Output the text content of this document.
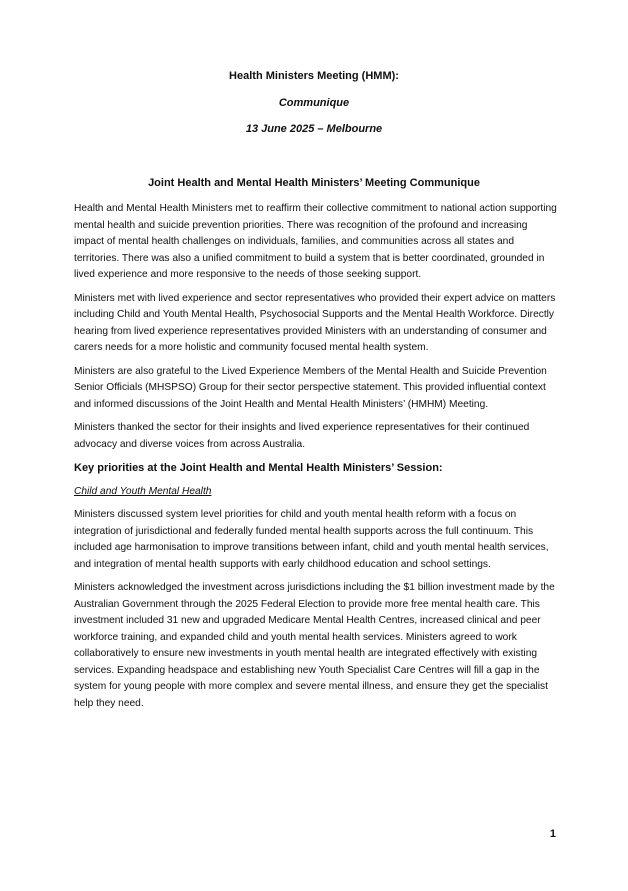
Health Ministers Meeting (HMM):
Communique
13 June 2025 – Melbourne
Joint Health and Mental Health Ministers’ Meeting Communique

Health and Mental Health Ministers met to reaffirm their collective commitment to national action supporting mental health and suicide prevention priorities. There was recognition of the profound and increasing impact of mental health challenges on individuals, families, and communities across all states and territories. There was also a unified commitment to build a system that is better coordinated, grounded in lived experience and more responsive to the needs of those seeking support.

Ministers met with lived experience and sector representatives who provided their expert advice on matters including Child and Youth Mental Health, Psychosocial Supports and the Mental Health Workforce. Directly hearing from lived experience representatives provided Ministers with an understanding of consumer and carers needs for a more holistic and community focused mental health system.

Ministers are also grateful to the Lived Experience Members of the Mental Health and Suicide Prevention Senior Officials (MHSPSO) Group for their sector perspective statement. This provided influential context and informed discussions of the Joint Health and Mental Health Ministers’ (HMHM) Meeting.

Ministers thanked the sector for their insights and lived experience representatives for their continued advocacy and diverse voices from across Australia.

Key priorities at the Joint Health and Mental Health Ministers’ Session:
Child and Youth Mental Health

Ministers discussed system level priorities for child and youth mental health reform with a focus on integration of jurisdictional and federally funded mental health supports across the full continuum. This included age harmonisation to improve transitions between infant, child and youth mental health services, and integration of mental health supports with early childhood education and school settings.

Ministers acknowledged the investment across jurisdictions including the $1 billion investment made by the Australian Government through the 2025 Federal Election to provide more free mental health care. This investment included 31 new and upgraded Medicare Mental Health Centres, increased clinical and peer workforce training, and expanded child and youth mental health services. Ministers agreed to work collaboratively to ensure new investments in youth mental health are integrated effectively with existing services. Expanding headspace and establishing new Youth Specialist Care Centres will fill a gap in the system for young people with more complex and severe mental illness, and ensure they get the specialist help they need.

1
